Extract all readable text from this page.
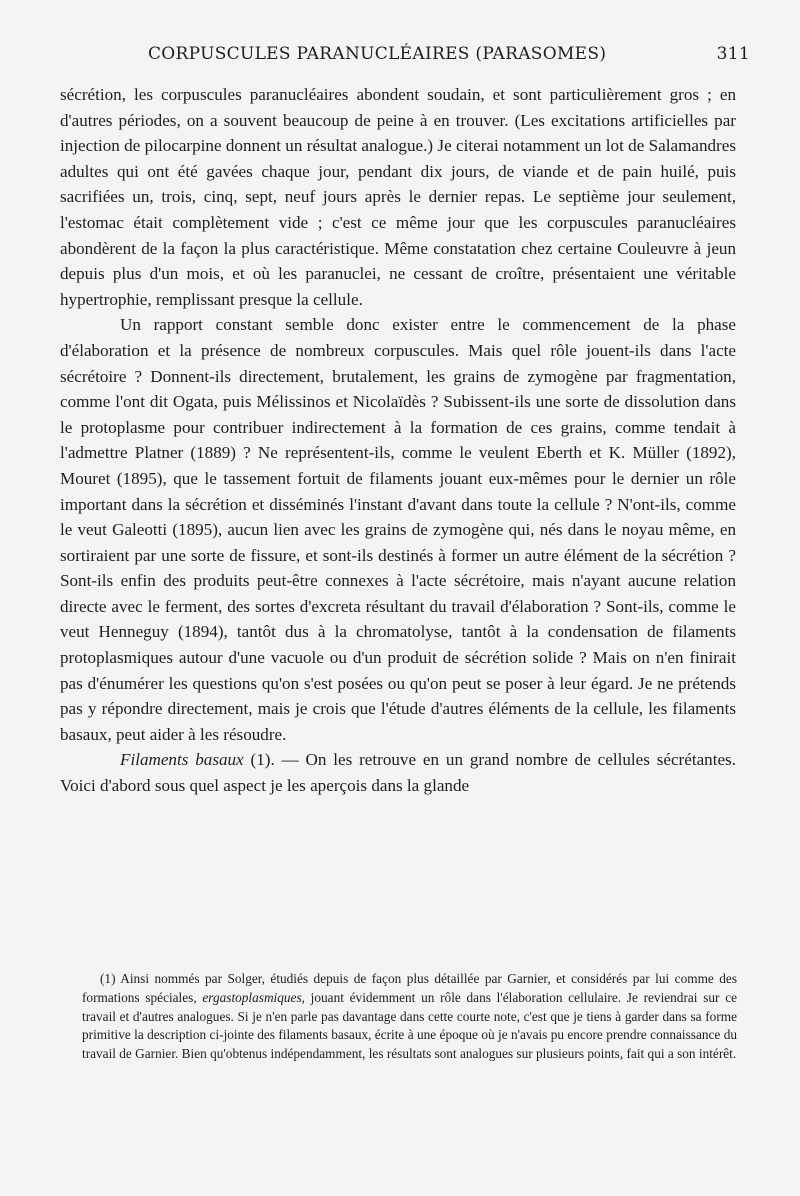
CORPUSCULES PARANUCLÉAIRES (PARASOMES)	311

sécrétion, les corpuscules paranucléaires abondent soudain, et sont particulièrement gros ; en d'autres périodes, on a souvent beaucoup de peine à en trouver. (Les excitations artificielles par injection de pilocarpine donnent un résultat analogue.) Je citerai notamment un lot de Salamandres adultes qui ont été gavées chaque jour, pendant dix jours, de viande et de pain huilé, puis sacrifiées un, trois, cinq, sept, neuf jours après le dernier repas. Le septième jour seulement, l'estomac était complètement vide ; c'est ce même jour que les corpuscules paranucléaires abondèrent de la façon la plus caractéristique. Même constatation chez certaine Couleuvre à jeun depuis plus d'un mois, et où les paranuclei, ne cessant de croître, présentaient une véritable hypertrophie, remplissant presque la cellule.

Un rapport constant semble donc exister entre le commencement de la phase d'élaboration et la présence de nombreux corpuscules. Mais quel rôle jouent-ils dans l'acte sécrétoire ? Donnent-ils directement, brutalement, les grains de zymogène par fragmentation, comme l'ont dit Ogata, puis Mélissinos et Nicolaïdès ? Subissent-ils une sorte de dissolution dans le protoplasme pour contribuer indirectement à la formation de ces grains, comme tendait à l'admettre Platner (1889) ? Ne représentent-ils, comme le veulent Eberth et K. Müller (1892), Mouret (1895), que le tassement fortuit de filaments jouant eux-mêmes pour le dernier un rôle important dans la sécrétion et disséminés l'instant d'avant dans toute la cellule ? N'ont-ils, comme le veut Galeotti (1895), aucun lien avec les grains de zymogène qui, nés dans le noyau même, en sortiraient par une sorte de fissure, et sont-ils destinés à former un autre élément de la sécrétion ? Sont-ils enfin des produits peut-être connexes à l'acte sécrétoire, mais n'ayant aucune relation directe avec le ferment, des sortes d'excreta résultant du travail d'élaboration ? Sont-ils, comme le veut Henneguy (1894), tantôt dus à la chromatolyse, tantôt à la condensation de filaments protoplasmiques autour d'une vacuole ou d'un produit de sécrétion solide ? Mais on n'en finirait pas d'énumérer les questions qu'on s'est posées ou qu'on peut se poser à leur égard. Je ne prétends pas y répondre directement, mais je crois que l'étude d'autres éléments de la cellule, les filaments basaux, peut aider à les résoudre.

Filaments basaux (1). — On les retrouve en un grand nombre de cellules sécrétantes. Voici d'abord sous quel aspect je les aperçois dans la glande

(1) Ainsi nommés par Solger, étudiés depuis de façon plus détaillée par Garnier, et considérés par lui comme des formations spéciales, ergastoplasmiques, jouant évidemment un rôle dans l'élaboration cellulaire. Je reviendrai sur ce travail et d'autres analogues. Si je n'en parle pas davantage dans cette courte note, c'est que je tiens à garder dans sa forme primitive la description ci-jointe des filaments basaux, écrite à une époque où je n'avais pu encore prendre connaissance du travail de Garnier. Bien qu'obtenus indépendamment, les résultats sont analogues sur plusieurs points, fait qui a son intérêt.
